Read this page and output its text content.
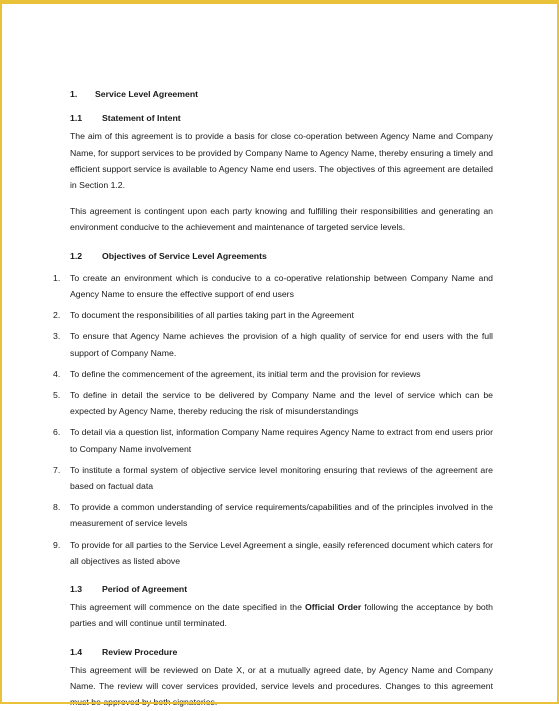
1.	Service Level Agreement
1.1	Statement of Intent

The aim of this agreement is to provide a basis for close co-operation between Agency Name and Company Name, for support services to be provided by Company Name to Agency Name, thereby ensuring a timely and efficient support service is available to Agency Name end users. The objectives of this agreement are detailed in Section 1.2.

This agreement is contingent upon each party knowing and fulfilling their responsibilities and generating an environment conducive to the achievement and maintenance of targeted service levels.

1.2	Objectives of Service Level Agreements
1. To create an environment which is conducive to a co-operative relationship between Company Name and Agency Name to ensure the effective support of end users
2. To document the responsibilities of all parties taking part in the Agreement
3. To ensure that Agency Name achieves the provision of a high quality of service for end users with the full support of Company Name.
4. To define the commencement of the agreement, its initial term and the provision for reviews
5. To define in detail the service to be delivered by Company Name and the level of service which can be expected by Agency Name, thereby reducing the risk of misunderstandings
6. To detail via a question list, information Company Name requires Agency Name to extract from end users prior to Company Name involvement
7. To institute a formal system of objective service level monitoring ensuring that reviews of the agreement are based on factual data
8. To provide a common understanding of service requirements/capabilities and of the principles involved in the measurement of service levels
9. To provide for all parties to the Service Level Agreement a single, easily referenced document which caters for all objectives as listed above
1.3	Period of Agreement

This agreement will commence on the date specified in the Official Order following the acceptance by both parties and will continue until terminated.

1.4	Review Procedure

This agreement will be reviewed on Date X, or at a mutually agreed date, by Agency Name and Company Name. The review will cover services provided, service levels and procedures. Changes to this agreement must be approved by both signatories.
